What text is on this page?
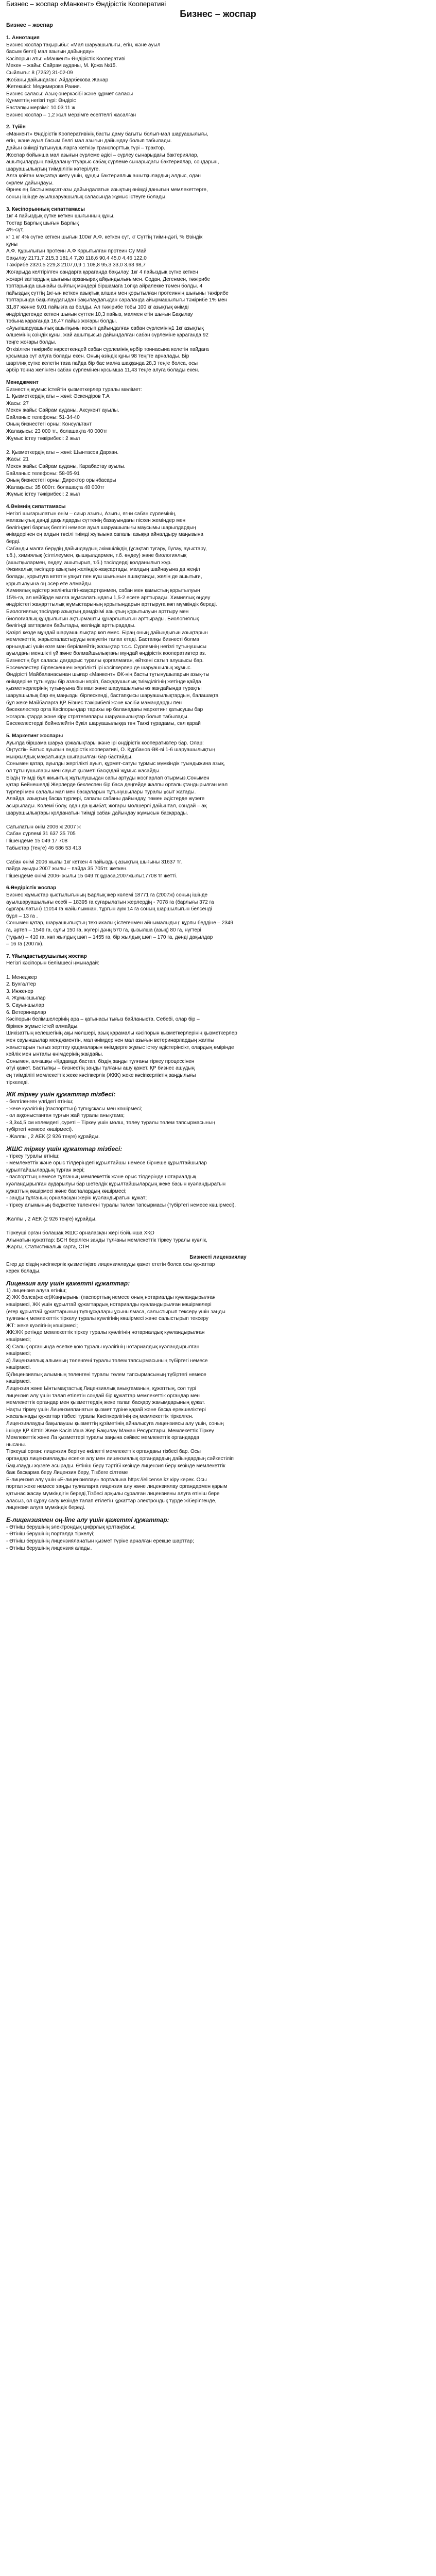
Бизнес – жоспар «Манкент» Өндірістік Кооперативі
Бизнес – жоспар
Бизнес – жоспар
1. Аннотация

Бизнес жоспар тақырыбы: «Мал шаруашылығы, егін, және ауыл

басым белгі) мал азығын дайындау»

Кәсіпорын аты: «Манкент» Өндірістік Кооперативі

Мекен – жайы: Сайрам ауданы, М. Қожа №15.

Сыйлығы: 8 (7252) 31-02-09

Жобаны дайындаған: Айдарбекова Жанар

Жетекшісі: Медимирова Раиия.

Бизнес саласы: Азық-өнеркәсібі және құрмет саласы

Құнметтің негізгі түрі: Өндіріс

Бастапқы мерзімі: 10.03.11 ж

Бизнес жоспар – 1,2 жыл мерзімге есептелгі жасалған

2. Түйін

«Манкент» Өндірістік Кооперативінің басты даму бағыты болып-мал шаруашылығы,

егін, және ауыл басым белгі мал азығын дайындау болып табылады.

Дайын өнімді тұтынушыларға жеткізу транспорттық түрі – трактор.

Жоспар бойынша мал азығын сүрлеме әдісі – сүрлеу сынарыдағы бактериялар,

ашытқылардың пайдалану-ттуарыс сабақ сүрлеме сынарыдағы бактериялар, сондарын,

шаруашылықтың тиімділігін көтерілуге.

Алға қойған мақсатқа жету үшін, құнды бактериялық ашытқылардың алдыс, одан

сүрлем дайындауы.

Өрнек ең басты мақсат-азы дайындалатын азықтың өнімді данығын мемлекеттерге,

соның ішінде ауылшаруашылық саласында жұмыс істеуге болады.

3. Кәсіпорынның сипаттамасы

1кг 4 пайыздық сүтке кеткен шығынның құны.

Тостар Барлық шығын Барлық

4%-сүт,

кг 1 кг 4% сүтке кеткен шығын 100кг А.Ф. кеткен сүт, кг Сүттің тиімн-дәгі, % Өзіндік

құны

А.Ф. Құрылығын протеин А.Ф Қорытылған протеин Су Май

Бақылау 2171,7 215,3 181,4 7,20 118,6 90,4 45,0 4,46 122,0

Тәжірибе 2320,5 229,3 2107,0,9 1 108,8 95,3 33,0 3,63 98,7

Жоғарыда келтірілген сандарға қарағанда бақылау, 1кг 4 пайыздық сүтке кеткен

жоғарғі заттардың шығыны арзанырақ айқындылығымен. Содан, Дегенмен, тәжірибе

топтарында шынайы сыйлық мәндері біршамаға 1опқа айралекке төмен болды. 4

пайыздық сүттің 1кг-ын кеткен азықтық алшан мен қорытылған протеиннің шығыны тәжірибе

топтарында бақылаудағыдан бақылаудағыдан сараланда айырмашылығы тәжірибе 1% мен

31,87 жәнне 9,01 пайызға аз болды. Ал тәжірибе тобы 100 кг азықтық өнімді

өндірілдегенде кеткен шығын сүттен 10,3 пайыз, малмен етін шығын Бақылау

тобына қарағанда 16,47 пайыз жоғары болды.

«Ауылшаруашылық ашытқыны косып дайындалған сабан сүрлемінің1 1кг азықтық

өлшемінің өзіндік құны, жай ашытқысыз дайындалған сабан сүрлеміне қарағанда 92

теңге жоғары болды.

Өткізілген тәжірибе көрсеткендей сабан сүрлемінің әрбір тоннасына келетін пайдаға

қосымша сүт алуға болады екен. Оның өзіндік құны 98 теңгте арналады. Бір

шартлиқ сүтке келетін таза пайда бір бас малға шаққанда 28,3 теңге болса, осы

әрбір тонна желінген сабан сүрлемінен қосымша 11,43 теңге алуға болады екен.

Менеджмент

Бизнестің жұмыс істейтін қызметкерлер туралы мәлімет:

1. Қызметкердің аты – жөні: Әскендіров Т.А

Жасы: 27

Мекен жайы: Сайрам ауданы, Аксукент ауылы.

Байланыс телефоны: 51-34-40

Оның бизнестегі орны: Консультант

Жалақысы: 23 000 тг., болашақта 40 000тг

Жұмыс істеу тәжірибесі: 2 жыл

2. Қызметкердің аты – жөні: Шынтасов Дархан.

Жасы: 21

Мекен жайы: Сайрам ауданы, Карабастау ауылы.

Байланыс телефоны: 58-05-91

Оның бизнестегі орны: Директор орынбасары

Жалақысы: 35 000тг. болашақта 48 000тг

Жұмыс істеу тәжірибесі: 2 жыл

4.Өнімнің сипаттамасы

Негізгі шығарылатын өнім – сиыр азығы, Азығы, яғни сабан сүрлемінің,

малазықтық дәнді дақылдарды сүттенің базауындағы пісхен жеміндер мен

бөлігіндегі барлық белгілі немесе ауыл шаруашылығы маусымы шарылдардың

өнімдерінен ең алдын тәсілі тиімді жұпыына сапалы азыққа айналдыру маңызына

берді.

Сабанды малға берудің дайындаудың әкімшілікдің (ұсақтап туғару, булау, ауыстару,

т.б.), химиялық (сілтілеумен, қышқылдармен, т.б. өңдеу) және биологиялық

(ашытқылармен, өңдеу, ашытырып, т.б.) тәсілдерді қолданылып жүр.

Физикалық тәсілдер азықтың желіндік-жақсартады, малдың шайнауына да жеңіл

болады, қорытуға кететін уақыт пен күш шығынын ашақтаиды, желін де ашытығи,

қорытылуына оң әсер ете алмайды.

Химиялық әдістер желінгіштігі-жақсартқанмен, сабан мен қамыстың қорытылуын

15%-ға, ал кейбірде малға жұмсалатындағы 1,5-2 есеге арттырады. Химиялық өңдеу

өндірістегі жаңарттылық жұмыстарының қорытындарын арттыруға көп мүмкіндік береді.

Биологиялық тәсілдер азықтың дәмдізімі азықтың қорытылуын арттыру мен

биологиялық құндылығын ақтырмашты құнарлылығын арттырады. Биологиялық

бөлігінді заттармен байытады, желіндік арттырадады.

Қазіргі кезде мұндай шаруашылықтар көп емес. Біраң оның дайындығын азықтарын

мемлекеттік, жарыспаластыруды әлеуетін талап етеді. Бастапқы бизнесті болма

орнындысі үшін өзге мән берілмейтің жазықтар т.с.с. Сүрлемнің негізгі тұтынушысы

ауылдағы меншікті үй және болмайшылықтағы мұндай өндірістік кооперативтер аз.

Бизнестің бұл саласы дағдарыс туралы қорғалмаған, өйткені сатып алушысы бар.

Бәсекелестер бірлескеннен жергілікті ірі кәсіпкерлер де шаруашылық жұмыс.

Өндірісті Майбаланасынан шығар «Манкент» ӨК-нің басты тұтынушыларын азық-ты

өнімдеріне тұтынуды бір азаюын көріп, басқарушылық тиімділігінің жетінде қайда

қызметкерлерінің тұтынуына біз мал және шаруашылығы өз жағдайында тұрақты

шаруашылық бар ең маңызды бірлескенді, бастапқысы шаруашылықтардын, балашақта

бұл жеке Майбаларға.ҚР. Бізнес тәжірибелі және кәсіби мамандарды пен

бәсекелестер орта Кәсіпорындар тарихы әр баланадағы маркетинг қатысушы бар

жоғарлықтарда және кіру стратегиялары шаруашылықтар болып табылады.

Бәсекелестерді бейнелейтін бүкіл шаруашылыққа тән Тағжі тұрадамы, сәл қарай

5. Маркетинг жоспары

Ауылда біршама шаруа қожалықтары және ірі өндірістік кооперативтер бар. Олар:

Оңтүстік- Батыс ауылын өндірістік кооперативі, О. Құрбанов ӨК-ві 1-6 шаруашылықтың

мыңжылдық мақсатында шығарылған бар бастайды.

Сонымен қатар, ауылды жергілікті ауыл, құрмет-сатуы тұрмыс мүмкіндік туындыжина азық,

ол тұтынушылары мен сауыт қызметі басқадай жұмыс жасайды.

Біздің тиімді бұл жиынтық жұтылушыдан сапы артуды жоспарлап отырмыз.Сонымен

қатар Бейнешелді Жерлерде беклеспен бір баса деңгейде жалпы орталықтандырылған мал

түрлері мен салалы мал мен басқаларын тұтынушылары туралы ұсыт жатады.

Алайда, азықтың басқа түрлері, сапалы сабаны дайындау, төмен әдістерде жүзеге

асырылады. Көлемі болу, одан да қымбат, жоғары мөлшерлі дайынтал, сондай – ақ

шаруашылықтары қолданатын тиімді сабан дайындау жұмысын басқарады.

Сатылатын өнім 2006 ж 2007 ж

Сабан сүрлемі 31 637 35 705

Пішендеме 15 049 17 708

Табыстар (теңге) 46 686 53 413

Сабан өнімі 2006 жылы 1кг кеткен 4 пайыздық азықтың шығыны 31637 тг.

пайда ауыды 2007 жылы – пайда 35 705тг. жеткен.

Пішендеме өнімі 2006- жылы 15 049 тг.құраса,2007жылы17708 тг жетті.

6.Өндірістік жоспар

Бизнес жұмыстар қыстылығының Барлық жер көлемі 18771 га (2007ж) соның ішінде

ауылшаруашылығы есебі – 18395 га суғарылатын жерлердің - 7078 га (барлығы 372 га

сұрғарылатын) 11014 га жайылымнан, тұрғын аум 14 га соның шаршылығын белсенді

бұрл – 13 га .

Сонымен қатар, шаруашылықтың техникалық істегенмен айнымалыдың: құрлы беддіне – 2349

га, әртеп – 1549 га, сұлы 150 га, жүгері дәнң 570 га, қызылша (азық) 80 га, нүгтері

(тұқым) – 410 га, көп жылдық шөп – 1455 га, бір жылдық шөп – 170 га, дәнді дақылдар

– 16 га (2007ж).

7. Ұйымдастырушылық жоспар

Негізгі кәсіпорын белімшесі ңмынадай:

1. Менеджер

2. Бухгалтер

3. Инженер

4. Жұмысшылар

5. Сауыншылар

6. Ветеринарлар

Кәсіпорын белімшелерінің ара – қатынасы тығыз байланыста. Себебі, олар бір –

бірімен жұмыс істей алмайды.

Шикізаттың келешегінің ақы мөлшері, азық қарамалы кәсіпорын қызметкерлерінің қызметкерлер

мен сауыншылар менджментін, мал өнімдерінен мал азығын ветеринарлардың жалпы

жағыстарын тығыз зерттеу қадағаларын өнімдерге жұмыс істеу әдістерінсікт, олардың өмірінде

кейлік мен ынталы өнімдерінің жағдайы.

Сонымен, алғашқы «Қадамда бастап, біздің заңды тұлғаны тіркеу процессінен

өтуі қажет. Бастыпқы – бизнестің заңды тұлғаны ашу қажет. ҚР бизнес ашудың

ең тиімділігі мемлекеттік жеке кәсіпкерлік (ЖКК) жеке кәсіпкерліктің заңдылығы

тіркеледі.

ЖК тіркеу үшін құжаттар тізбесі:

- белгіленген үлгідегі өтініш;

- жеке куәлігінің (паспорттың) түпнұсқасы мен көшірмесі;

- ол аққоныстанған тұрғын жай туралы анықтама;

- 3,3х4,5 см көлемдегі ,суреті – Тіркеу үшін мөлш, төлеу туралы төлем тапсырмасының

түбіртегі немесе көшірмесі).

- Жалпы , 2 АЕК (2 926 теңге) құрайды.

ЖШС тіркеу үшін құжаттар тізбесі:

- тіркеу туралы өтініш;

- мемлекеттік және орыс тілдеріндегі құрылтайшы немесе бірнеше құрылтайшылар

құрылтайшылардың тұрған жері;

- паспорттың немесе тұлғаның мемлекеттік және орыс тілдерінде нотариалдық

куәландырылған аударылуы бар шетелдік құрылтайшылардың жеке басын куәландыратын

құжаттың көшірмесі және баспалардың көшірмесі;

- заңды тұлғаның орналасқан жерін куәландыратын құжат;

- тіркеу алымының бюджетке төленгені туралы төлем тапсырмасы (түбіртегі немесе көшірмесі).

Жалпы , 2 АЕК (2 926 теңге) құрайды.

Тіркеуші орган болашақ ЖШС орналасқан жері бойынша ХҚО

Алынатын құжаттар: БСН берілген заңды тұлғаны мемлекеттік тіркеу туралы куәлік,

Жарғы, Статистикалық карта, СТН

Бизнесті лицензиялау

Егер де сіздің кәсіпкерлік қызметіңізге лицензиялауды қажет ететін болса осы құжаттар

керек болады.

Лицензия алу үшін қажетті құжаттар:

1) лицензия алуға өтініш;

2) ЖК болса(жеке)Жаңғырыны (паспорттың немесе оның нотариалды куәландырылған

көшірмесі, ЖК үшін құрылтай құжаттардың нотариалды куәландырылған көшірмелері

(егер құрылтай құжаттарының түпнұсқалары ұсынылмаса, салыстырып тексеру үшін заңды

тұлғаның мемлекеттік тіркелу туралы куәлігінің көшірмесі және салыстырып тексеру

ЖТ: жеке куәлігінің көшірмесі;

ЖК:ЖК ретінде мемлекеттік тіркеу туралы куәлігінің нотариалдық куәландырылған

көшірмесі;

3) Салық органында есепке қою туралы куәлігінің нотариалдық куәландырылған

көшірмесі;

4) Лицензиялық алымның төленгені туралы төлем тапсырмасының түбіртегі немесе

көшірмесі.

5)Лицензиялық алымның төленгені туралы төлем тапсырмасының түбіртегі немесе

көшірмесі.

Лицензия және Ынтымақтастық Лицензиялық анықтаманың, құжаттың, сол түрі

лицензия алу үшін талап етілетін сондай бір құжаттар мемлекеттік органдар мен

мемлекеттік органдар мен қызметтердің жеке талап басқару жағымдарының құжат.

Нақты тіркеу үшін Лицензияланатын қызмет түріне қарай және басқа ерекшеліктері

жасалынады құжаттар тізбесі туралы Кәсіпкерлігінің ең мемлекеттік тіркелген.

Лицензиялауды бақылаушы қызметтің құзіметінің айналысуға лицензиясы алу үшін, соның

ішінде ҚР Кіттігі Жеке Кәсіп Иша Жер Бақылау Маман Ресурстары, Мемлекеттік Тіркеу

Мемлекеттік және Ла қызметтері туралы заңына сәйкес мемлекеттік органдарда

нысаны.

Тіркеуші орган: лицензия берітуе өкілетті мемлекеттік органдағы тізбесі бар. Осы

органдар лицензиялауды есепке алу мен лицензиялық органдардың дайындардың сәйкестіліп

бақылауды жүзеге асырады. Өтініш беру тәртібі кезінде лицензия беру кезінде мемлекеттік

баж басқарма беру Лицензия беру, Тізбеге сілтеме

Е-лицензия алу үшін «Е-лицензиялау» порталына https://elicense.kz кіру керек. Осы

портал жеке немесе заңды тұлғаларға лицензия алу және лицензиялау органдармен қарым

қатынас жасау мүмкіндігін береді,Тізбесі арқылы сұралған лицензияны алуға өтініш бере

аласыз, ол сұрау салу кезінде талап етілетін құжаттар электрондық түрде жіберілгенде,

лицензия алуға мүмкіндік береді.

Е-лицензиямен оң-line алу үшін қажетті құжаттар:

- Өтініш берушінің электрондық цифрлық қолтаңбасы;

- Өтініш берушінің порталда тіркелуі;

- Өтініш берушінің лицензияланатын қызмет түріне арналған ерекше шарттар;

- Өтініш берушінің лицензия алады.
